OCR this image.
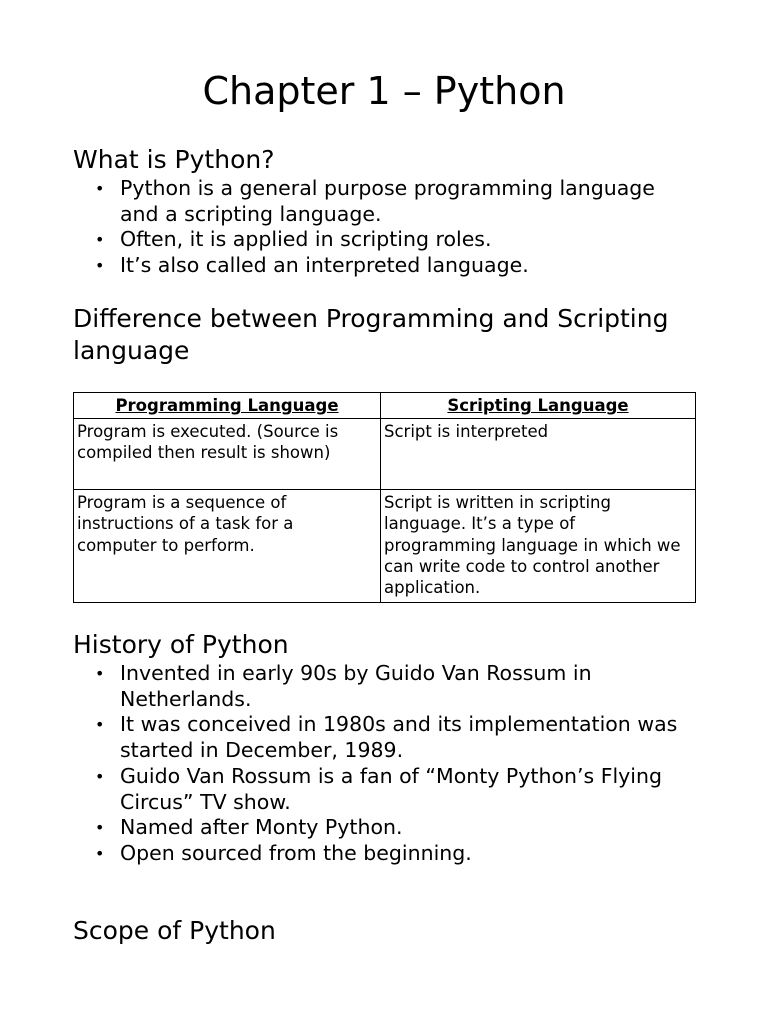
Chapter 1 – Python
What is Python?
• Python is a general purpose programming language and a scripting language.
• Often, it is applied in scripting roles.
• It’s also called an interpreted language.
Difference between Programming and Scripting language
Programming Language	Scripting Language
Program is executed. (Source is compiled then result is shown)	Script is interpreted
Program is a sequence of instructions of a task for a computer to perform.	Script is written in scripting language. It’s a type of programming language in which we can write code to control another application.
History of Python
• Invented in early 90s by Guido Van Rossum in Netherlands.
• It was conceived in 1980s and its implementation was started in December, 1989.
• Guido Van Rossum is a fan of “Monty Python’s Flying Circus” TV show.
• Named after Monty Python.
• Open sourced from the beginning.
Scope of Python
